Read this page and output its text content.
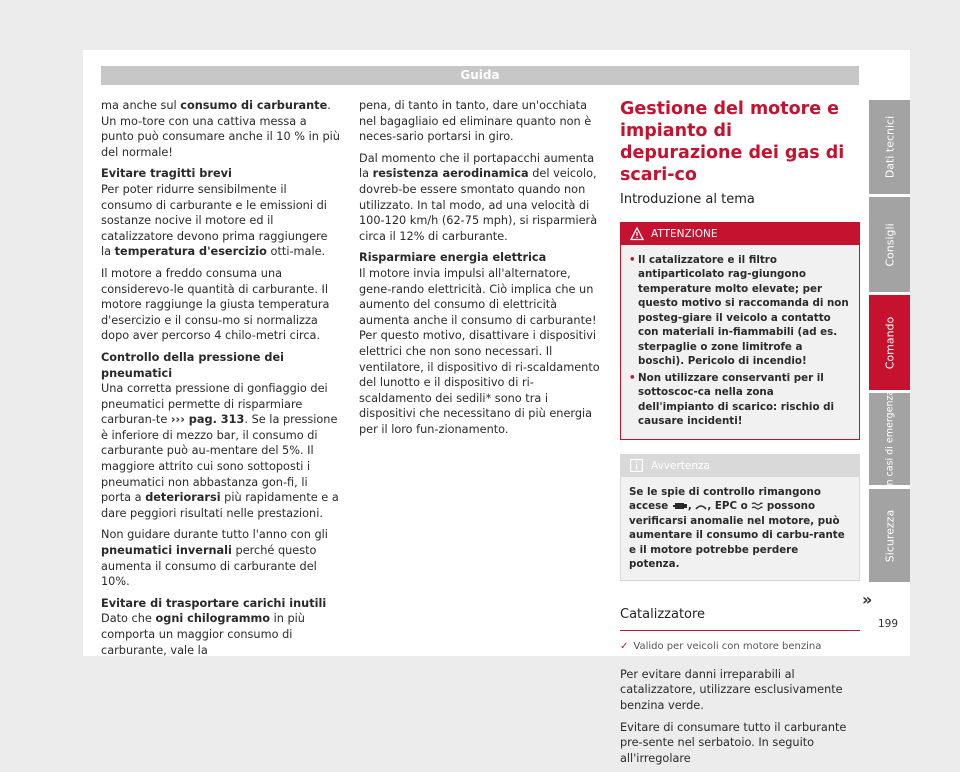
Guida

ma anche sul consumo di carburante. Un mo-tore con una cattiva messa a punto può consumare anche il 10 % in più del normale!

Evitare tragitti brevi

Per poter ridurre sensibilmente il consumo di carburante e le emissioni di sostanze nocive il motore ed il catalizzatore devono prima raggiungere la temperatura d'esercizio otti-male.

Il motore a freddo consuma una considerevo-le quantità di carburante. Il motore raggiunge la giusta temperatura d'esercizio e il consu-mo si normalizza dopo aver percorso 4 chilo-metri circa.

Controllo della pressione dei pneumatici

Una corretta pressione di gonfiaggio dei pneumatici permette di risparmiare carburan-te ››› pag. 313. Se la pressione è inferiore di mezzo bar, il consumo di carburante può au-mentare del 5%. Il maggiore attrito cui sono sottoposti i pneumatici non abbastanza gon-fi, li porta a deteriorarsi più rapidamente e a dare peggiori risultati nelle prestazioni.

Non guidare durante tutto l'anno con gli pneumatici invernali perché questo aumenta il consumo di carburante del 10%.

Evitare di trasportare carichi inutili

Dato che ogni chilogrammo in più comporta un maggior consumo di carburante, vale la

pena, di tanto in tanto, dare un'occhiata nel bagagliaio ed eliminare quanto non è neces-sario portarsi in giro.

Dal momento che il portapacchi aumenta la resistenza aerodinamica del veicolo, dovreb-be essere smontato quando non utilizzato. In tal modo, ad una velocità di 100-120 km/h (62-75 mph), si risparmierà circa il 12% di carburante.

Risparmiare energia elettrica

Il motore invia impulsi all'alternatore, gene-rando elettricità. Ciò implica che un aumento del consumo di elettricità aumenta anche il consumo di carburante! Per questo motivo, disattivare i dispositivi elettrici che non sono necessari. Il ventilatore, il dispositivo di ri-scaldamento del lunotto e il dispositivo di ri-scaldamento dei sedili* sono tra i dispositivi che necessitano di più energia per il loro fun-zionamento.

Gestione del motore e impianto di depurazione dei gas di scari-co
Introduzione al tema
ATTENZIONE
• Il catalizzatore e il filtro antiparticolato rag-giungono temperature molto elevate; per questo motivo si raccomanda di non posteg-giare il veicolo a contatto con materiali in-fiammabili (ad es. sterpaglie o zone limitrofe a boschi). Pericolo di incendio!
• Non utilizzare conservanti per il sottoscoc-ca nella zona dell'impianto di scarico: rischio di causare incidenti!
Avvertenza
Se le spie di controllo rimangono accese , , EPC o  possono verificarsi anomalie nel motore, può aumentare il consumo di carbu-rante e il motore potrebbe perdere potenza.
Catalizzatore
✓ Valido per veicoli con motore benzina

Per evitare danni irreparabili al catalizzatore, utilizzare esclusivamente benzina verde.

Evitare di consumare tutto il carburante pre-sente nel serbatoio. In seguito all'irregolare

»
Dati tecnici
Consigli
Comando
In casi di emergenza
Sicurezza
199
